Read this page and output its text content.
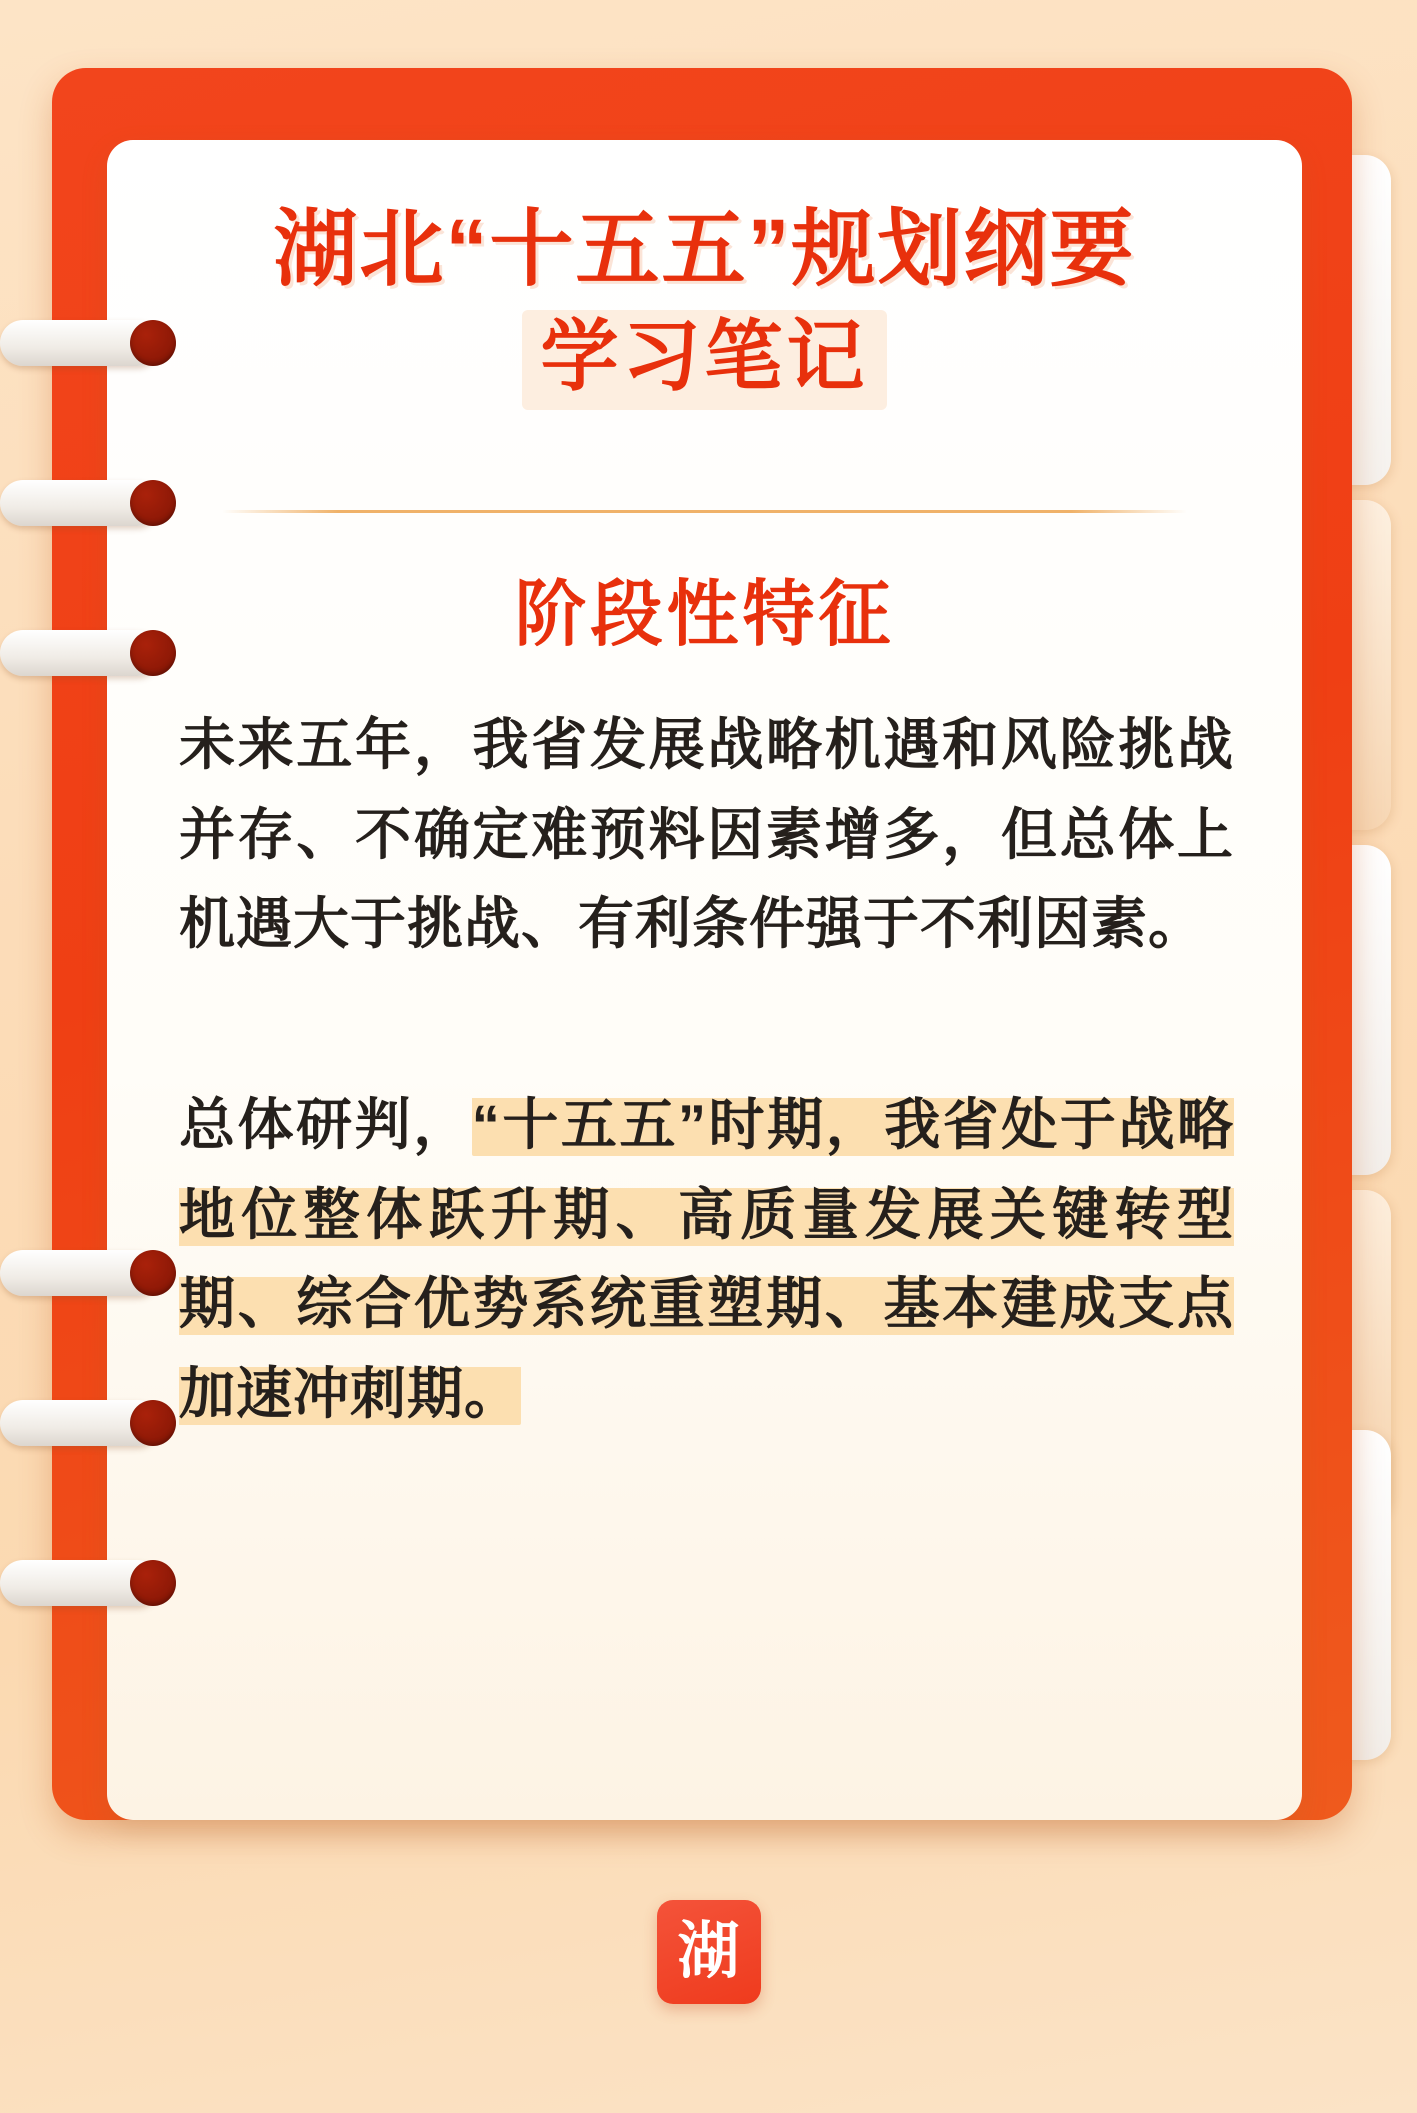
湖北“十五五”规划纲要
学习笔记
阶段性特征
未来五年，我省发展战略机遇和风险挑战并存、不确定难预料因素增多，但总体上机遇大于挑战、有利条件强于不利因素。
总体研判，“十五五”时期，我省处于战略地位整体跃升期、高质量发展关键转型期、综合优势系统重塑期、基本建成支点加速冲刺期。
湖
